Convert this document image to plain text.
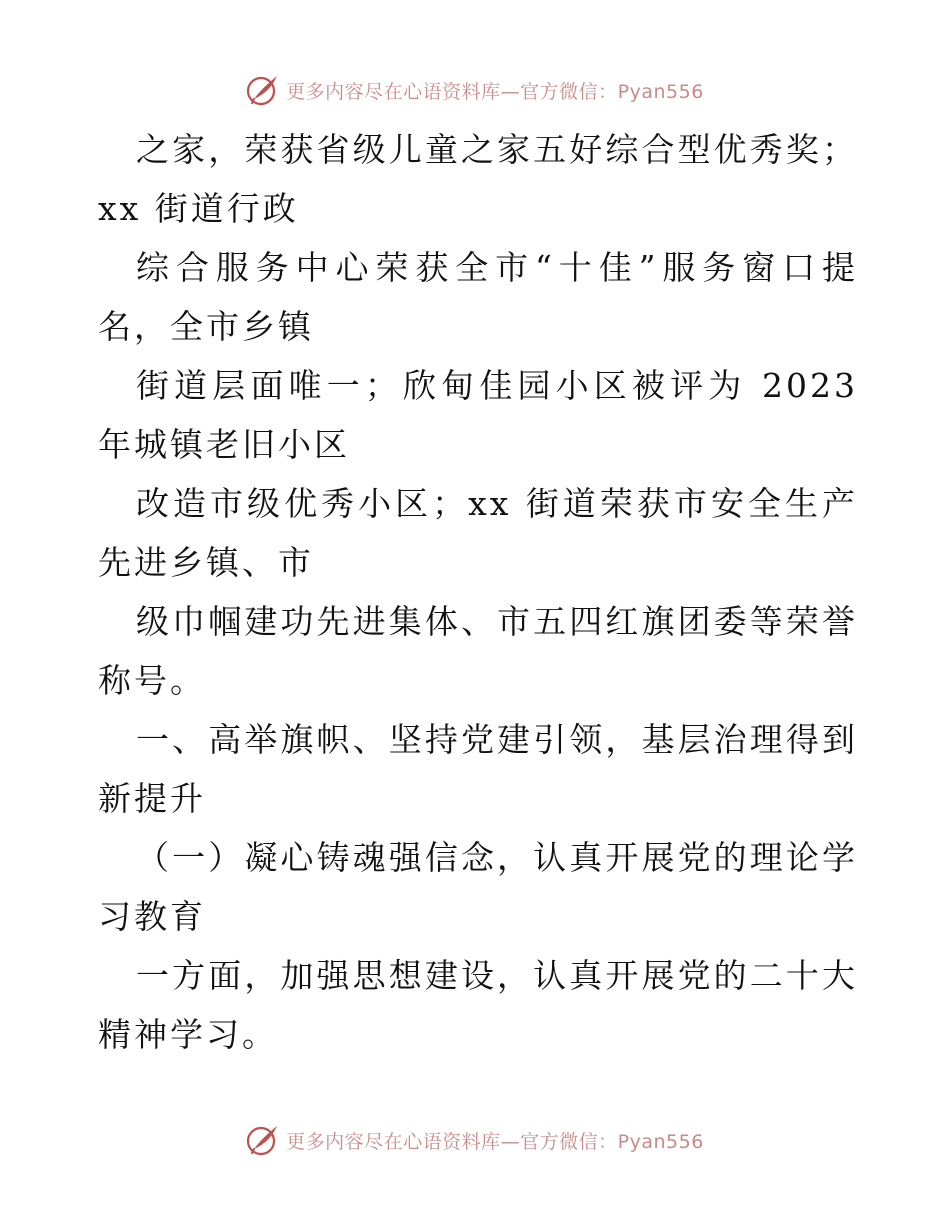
更多内容尽在心语资料库—官方微信：Pyan556

之家，荣获省级儿童之家五好综合型优秀奖；xx 街道行政

综合服务中心荣获全市“十佳”服务窗口提名，全市乡镇

街道层面唯一；欣甸佳园小区被评为 2023 年城镇老旧小区

改造市级优秀小区；xx 街道荣获市安全生产先进乡镇、市

级巾帼建功先进集体、市五四红旗团委等荣誉称号。

一、高举旗帜、坚持党建引领，基层治理得到新提升

（一）凝心铸魂强信念，认真开展党的理论学习教育

一方面，加强思想建设，认真开展党的二十大精神学习。

更多内容尽在心语资料库—官方微信：Pyan556
